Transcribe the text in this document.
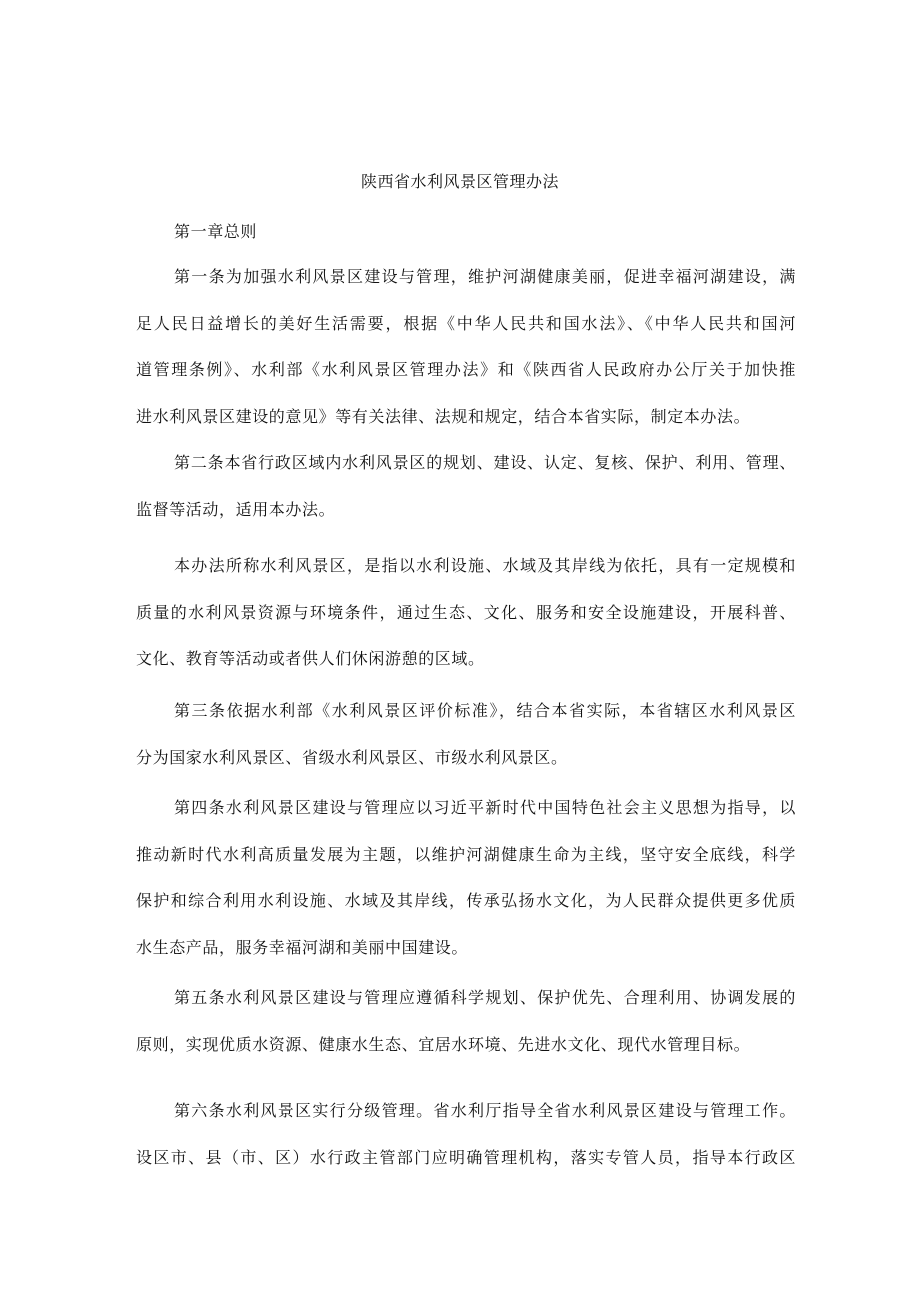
陕西省水利风景区管理办法

第一章总则

第一条为加强水利风景区建设与管理，维护河湖健康美丽，促进幸福河湖建设，满
足人民日益增长的美好生活需要，根据《中华人民共和国水法》、《中华人民共和国河
道管理条例》、水利部《水利风景区管理办法》和《陕西省人民政府办公厅关于加快推
进水利风景区建设的意见》等有关法律、法规和规定，结合本省实际，制定本办法。

第二条本省行政区域内水利风景区的规划、建设、认定、复核、保护、利用、管理、
监督等活动，适用本办法。

本办法所称水利风景区，是指以水利设施、水域及其岸线为依托，具有一定规模和
质量的水利风景资源与环境条件，通过生态、文化、服务和安全设施建设，开展科普、
文化、教育等活动或者供人们休闲游憩的区域。

第三条依据水利部《水利风景区评价标准》，结合本省实际，本省辖区水利风景区
分为国家水利风景区、省级水利风景区、市级水利风景区。

第四条水利风景区建设与管理应以习近平新时代中国特色社会主义思想为指导，以
推动新时代水利高质量发展为主题，以维护河湖健康生命为主线，坚守安全底线，科学
保护和综合利用水利设施、水域及其岸线，传承弘扬水文化，为人民群众提供更多优质
水生态产品，服务幸福河湖和美丽中国建设。

第五条水利风景区建设与管理应遵循科学规划、保护优先、合理利用、协调发展的
原则，实现优质水资源、健康水生态、宜居水环境、先进水文化、现代水管理目标。

第六条水利风景区实行分级管理。省水利厅指导全省水利风景区建设与管理工作。
设区市、县（市、区）水行政主管部门应明确管理机构，落实专管人员，指导本行政区
